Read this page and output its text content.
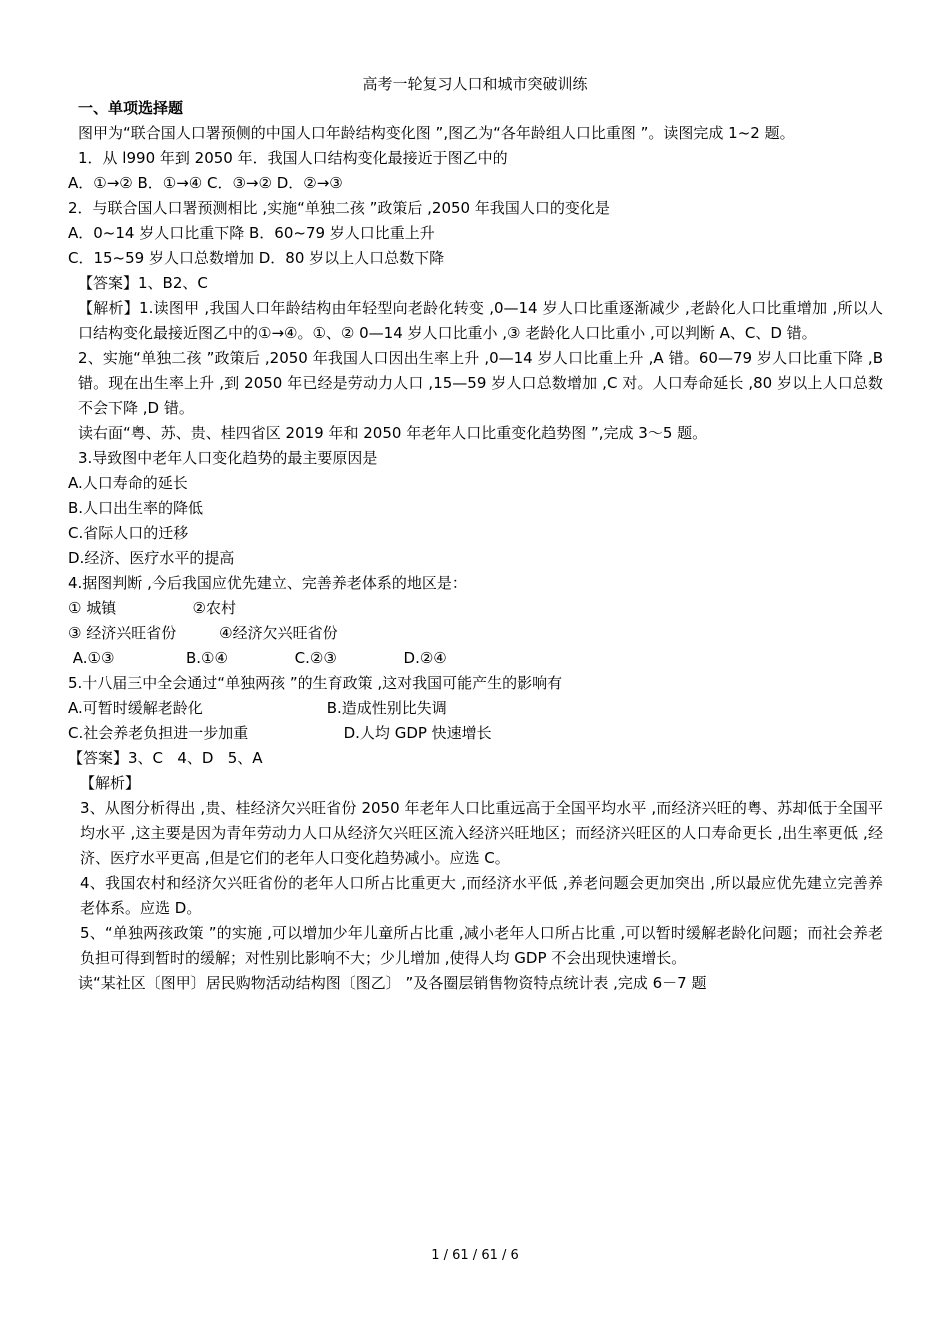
高考一轮复习人口和城市突破训练
一、单项选择题
图甲为“联合国人口署预侧的中国人口年龄结构变化图 ”,图乙为“各年龄组人口比重图 ”。读图完成 1~2 题。
1．从 l990 年到 2050 年．我国人口结构变化最接近于图乙中的
A．①→② B．①→④ C．③→② D．②→③
2．与联合国人口署预测相比 ,实施“单独二孩 ”政策后 ,2050 年我国人口的变化是
A．0~14 岁人口比重下降 B．60~79 岁人口比重上升
C．15~59 岁人口总数增加 D．80 岁以上人口总数下降
【答案】1、B2、C
【解析】1.读图甲 ,我国人口年龄结构由年轻型向老龄化转变 ,0—14 岁人口比重逐渐减少 ,老龄化人口比重增加 ,所以人口结构变化最接近图乙中的①→④。①、② 0—14 岁人口比重小 ,③ 老龄化人口比重小 ,可以判断 A、C、D 错。
2、实施“单独二孩 ”政策后 ,2050 年我国人口因出生率上升 ,0—14 岁人口比重上升 ,A 错。60—79 岁人口比重下降 ,B 错。现在出生率上升 ,到 2050 年已经是劳动力人口 ,15—59 岁人口总数增加 ,C 对。人口寿命延长 ,80 岁以上人口总数不会下降 ,D 错。
读右面“粤、苏、贵、桂四省区 2019 年和 2050 年老年人口比重变化趋势图 ”,完成 3～5 题。
3.导致图中老年人口变化趋势的最主要原因是
A.人口寿命的延长
B.人口出生率的降低
C.省际人口的迁移
D.经济、医疗水平的提高
4.据图判断 ,今后我国应优先建立、完善养老体系的地区是：
① 城镇                ②农村
③ 经济兴旺省份         ④经济欠兴旺省份
A.①③               B.①④              C.②③              D.②④
5.十八届三中全会通过“单独两孩 ”的生育政策 ,这对我国可能产生的影响有
A.可暂时缓解老龄化                          B.造成性别比失调
C.社会养老负担进一步加重                    D.人均 GDP 快速增长
【答案】3、C   4、D   5、A
【解析】
3、从图分析得出 ,贵、桂经济欠兴旺省份 2050 年老年人口比重远高于全国平均水平 ,而经济兴旺的粤、苏却低于全国平均水平 ,这主要是因为青年劳动力人口从经济欠兴旺区流入经济兴旺地区；而经济兴旺区的人口寿命更长 ,出生率更低 ,经济、医疗水平更高 ,但是它们的老年人口变化趋势减小。应选 C。
4、我国农村和经济欠兴旺省份的老年人口所占比重更大 ,而经济水平低 ,养老问题会更加突出 ,所以最应优先建立完善养老体系。应选 D。
5、“单独两孩政策 ”的实施 ,可以增加少年儿童所占比重 ,减小老年人口所占比重 ,可以暂时缓解老龄化问题；而社会养老负担可得到暂时的缓解；对性别比影响不大；少儿增加 ,使得人均 GDP 不会出现快速增长。
读“某社区〔图甲〕居民购物活动结构图〔图乙〕 ”及各圈层销售物资特点统计表 ,完成 6－7 题
1 / 61 / 61 / 6
